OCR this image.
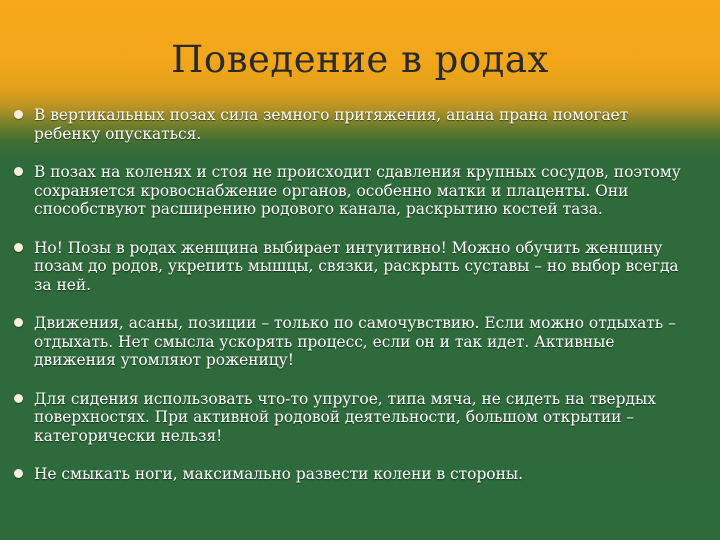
Поведение в родах
В вертикальных позах сила земного притяжения, апана прана помогает ребенку опускаться.
В позах на коленях и стоя не происходит сдавления крупных сосудов, поэтому сохраняется кровоснабжение органов, особенно матки и плаценты. Они способствуют расширению родового канала, раскрытию костей таза.
Но! Позы в родах женщина выбирает интуитивно! Можно обучить женщину позам до родов, укрепить мышцы, связки, раскрыть суставы – но выбор всегда за ней.
Движения, асаны, позиции – только по самочувствию. Если можно отдыхать – отдыхать. Нет смысла ускорять процесс, если он и так идет. Активные движения утомляют роженицу!
Для сидения использовать что-то упругое, типа мяча, не сидеть на твердых поверхностях. При активной родовой деятельности, большом открытии – категорически нельзя!
Не смыкать ноги, максимально развести колени в стороны.
